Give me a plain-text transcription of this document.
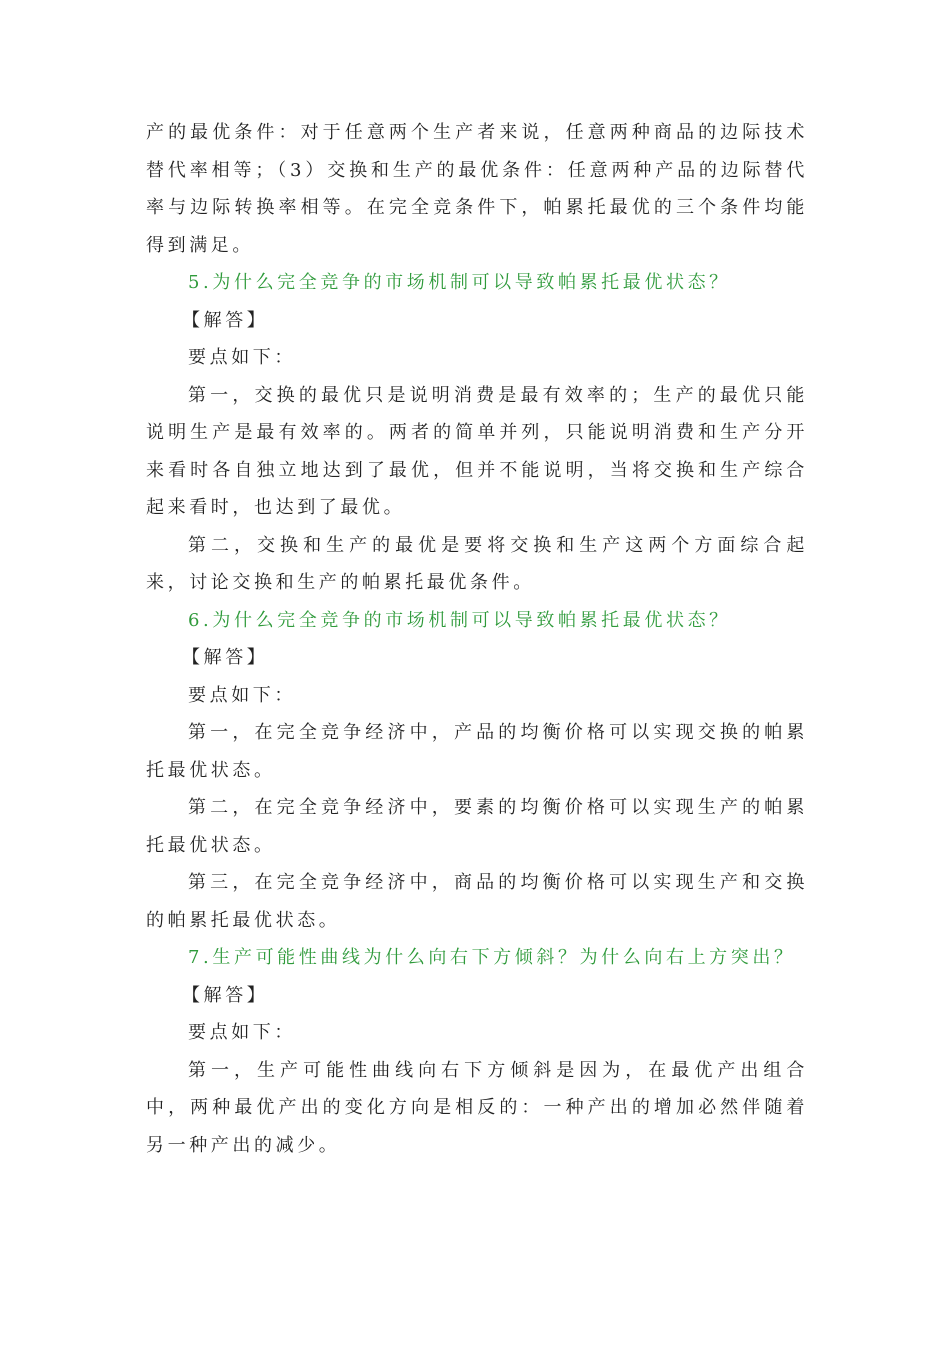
产的最优条件：对于任意两个生产者来说，任意两种商品的边际技术替代率相等；（3）交换和生产的最优条件：任意两种产品的边际替代率与边际转换率相等。在完全竞条件下，帕累托最优的三个条件均能得到满足。

5.为什么完全竞争的市场机制可以导致帕累托最优状态？

【解答】

要点如下：

第一，交换的最优只是说明消费是最有效率的；生产的最优只能说明生产是最有效率的。两者的简单并列，只能说明消费和生产分开来看时各自独立地达到了最优，但并不能说明，当将交换和生产综合起来看时，也达到了最优。

第二，交换和生产的最优是要将交换和生产这两个方面综合起来，讨论交换和生产的帕累托最优条件。

6.为什么完全竞争的市场机制可以导致帕累托最优状态？

【解答】

要点如下：

第一，在完全竞争经济中，产品的均衡价格可以实现交换的帕累托最优状态。

第二，在完全竞争经济中，要素的均衡价格可以实现生产的帕累托最优状态。

第三，在完全竞争经济中，商品的均衡价格可以实现生产和交换的帕累托最优状态。

7.生产可能性曲线为什么向右下方倾斜？为什么向右上方突出？

【解答】

要点如下：

第一，生产可能性曲线向右下方倾斜是因为，在最优产出组合中，两种最优产出的变化方向是相反的：一种产出的增加必然伴随着另一种产出的减少。
